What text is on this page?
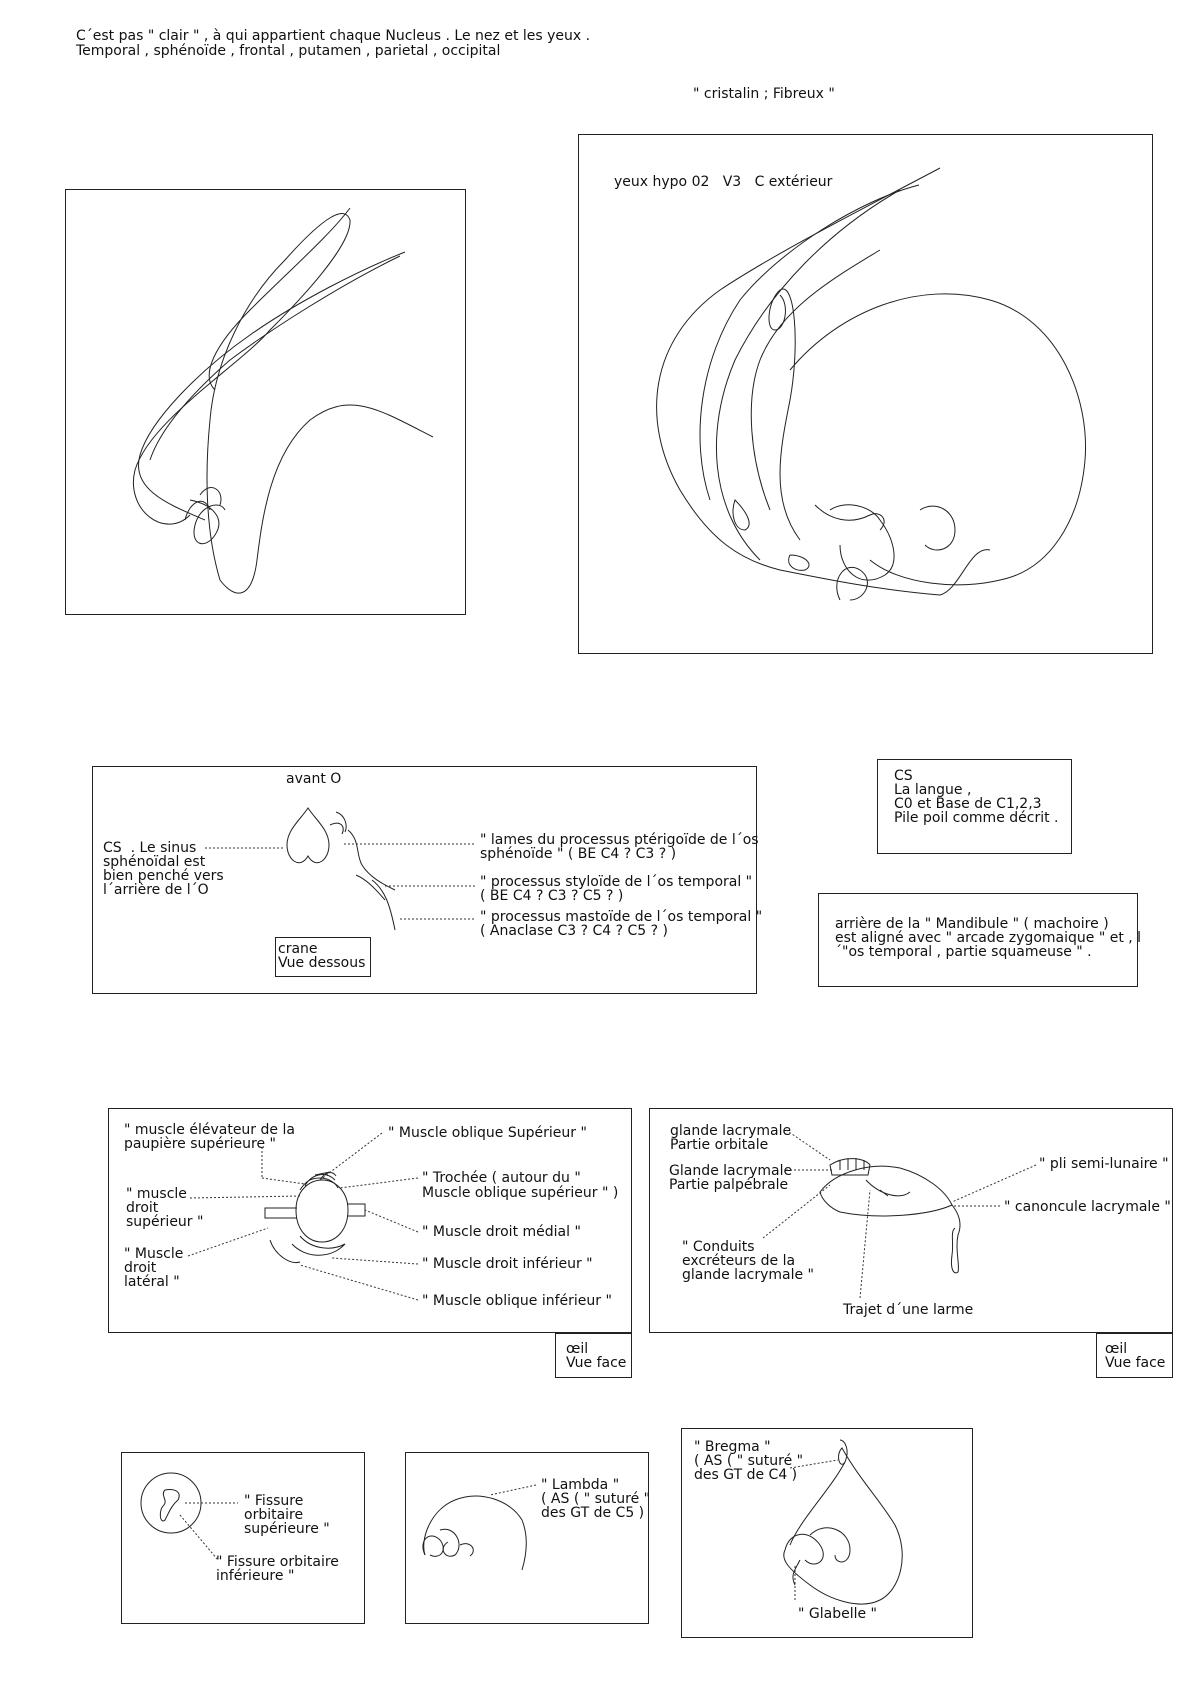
C´est pas " clair " , à qui appartient chaque Nucleus . Le nez et les yeux .
Temporal , sphénoïde , frontal , putamen , parietal , occipital
" cristalin ; Fibreux "
yeux hypo 02   V3   C extérieur
avant O
CS  . Le sinus
sphénoïdal est
bien penché vers
l´arrière de l´O
" lames du processus ptérigoïde de l´os
sphénoïde " ( BE C4 ? C3 ? )
" processus styloïde de l´os temporal "
( BE C4 ? C3 ? C5 ? )
" processus mastoïde de l´os temporal "
( Anaclase C3 ? C4 ? C5 ? )
crane
Vue dessous
CS
La langue ,
C0 et Base de C1,2,3
Pile poil comme décrit .
arrière de la " Mandibule " ( machoire )
est aligné avec " arcade zygomaique " et , l
´"os temporal , partie squameuse " .
" muscle élévateur de la
paupière supérieure "
" muscle
droit
supérieur "
" Muscle
droit
latéral "
" Muscle oblique Supérieur "
" Trochée ( autour du "
Muscle oblique supérieur " )
" Muscle droit médial "
" Muscle droit inférieur "
" Muscle oblique inférieur "
œil
Vue face
glande lacrymale
Partie orbitale
Glande lacrymale
Partie palpébrale
" Conduits
excréteurs de la
glande lacrymale "
" pli semi-lunaire "
" canoncule lacrymale "
Trajet d´une larme
œil
Vue face
" Fissure
orbitaire
supérieure "
" Fissure orbitaire
inférieure "
" Lambda "
( AS ( " suturé "
des GT de C5 )
" Bregma "
( AS ( " suturé "
des GT de C4 )
" Glabelle "
